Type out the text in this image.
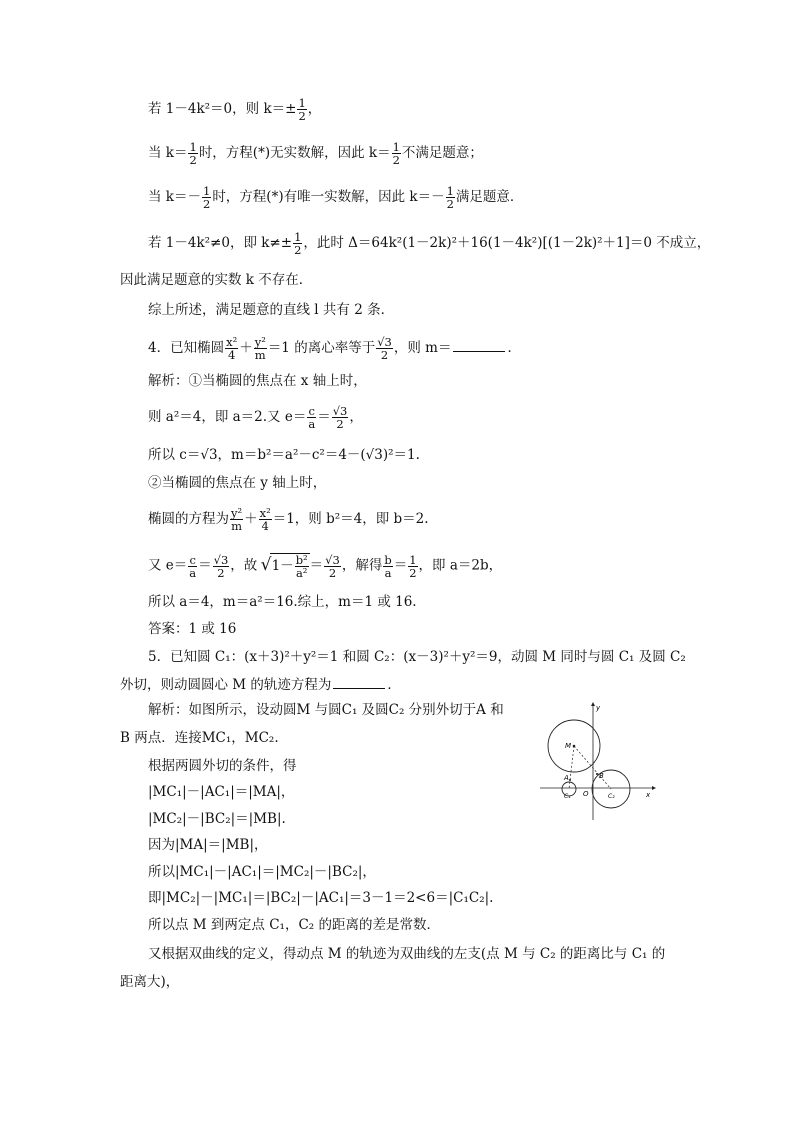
若 1－4k²＝0，则 $k=\pm \frac{1}{2}$ ，
当 $k= \frac{1}{2}$ 时，方程(*)无实数解，因此 $k= \frac{1}{2}$ 不满足题意；
当 $k=- \frac{1}{2}$ 时，方程(*)有唯一实数解，因此 $k=- \frac{1}{2}$ 满足题意．
若 1－4k²≠0，即 $k\ne\pm \frac{1}{2}$ ，此时 Δ＝64k²(1－2k)²＋16(1－4k²)[(1－2k)²＋1]＝0 不成立，
因此满足题意的实数 k 不存在．
综上所述，满足题意的直线 l 共有 2 条．
4．已知椭圆 $\frac{\text{x²}}{4} + \frac{\text{y²}}{m} =1$ 的离心率等于 $\frac{√3}{2}$ ，则 m＝	．
解析：①当椭圆的焦点在 x 轴上时，
则 a²＝4，即 a＝2.又 $e= \frac{c}{a} = \frac{√3}{2}$ ，
所以 c＝√3，m＝b²＝a²－c²＝4－(√3)²＝1.
②当椭圆的焦点在 y 轴上时，
椭圆的方程为 $\frac{\text{y²}}{m} + \frac{\text{x²}}{4} =1$，则 b²＝4，即 b＝2.
又 $e= \frac{c}{a} = \frac{√3}{2}$ ，故 √ $1- \frac{\text{b²}}{\text{a²}} = \frac{√3}{2}$ ，解得 $\frac{b}{a} = \frac{1}{2}$ ，即 a＝2b，
所以 a＝4，m＝a²＝16.综上，m＝1 或 16.
答案：1 或 16
5．已知圆 C₁：(x＋3)²＋y²＝1 和圆 C₂：(x－3)²＋y²＝9，动圆 M 同时与圆 C₁ 及圆 C₂
外切，则动圆圆心 M 的轨迹方程为	．
解析：如图所示，设动圆M 与圆C₁ 及圆C₂ 分别外切于A 和
B 两点．连接MC₁，MC₂.
根据两圆外切的条件，得
|MC₁|－|AC₁|＝|MA|，
|MC₂|－|BC₂|＝|MB|.
因为|MA|＝|MB|，
所以|MC₁|－|AC₁|＝|MC₂|－|BC₂|，
即|MC₂|－|MC₁|＝|BC₂|－|AC₁|＝3－1＝2<6＝|C₁C₂|.
所以点 M 到两定点 C₁，C₂ 的距离的差是常数．
又根据双曲线的定义，得动点 M 的轨迹为双曲线的左支(点 M 与 C₂ 的距离比与 C₁ 的
距离大)，
y
x
M
A	B
O
C₁	C₂
